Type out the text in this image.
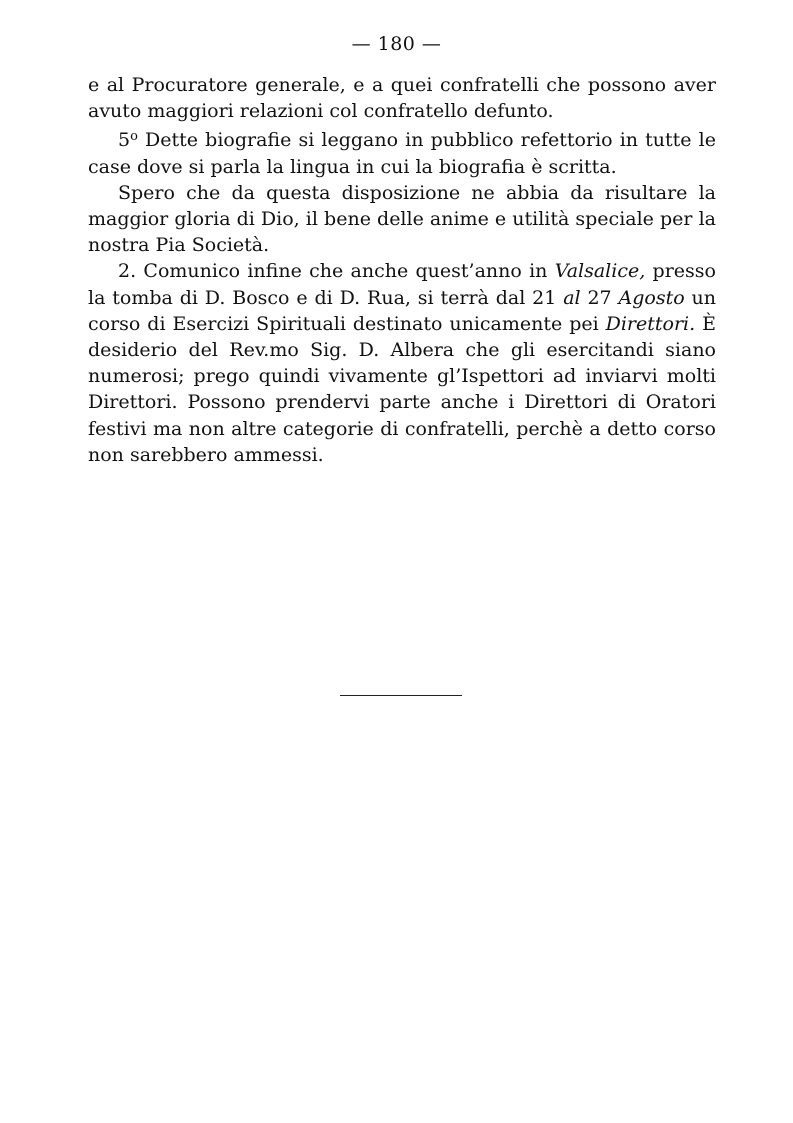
— 180 —

e al Procuratore generale, e a quei confratelli che possono aver avuto maggiori relazioni col confratello defunto.

5$^o$ Dette biografie si leggano in pubblico refettorio in tutte le case dove si parla la lingua in cui la biografia è scritta.

Spero che da questa disposizione ne abbia da risultare la maggior gloria di Dio, il bene delle anime e utilità speciale per la nostra Pia Società.

2. Comunico infine che anche quest’anno in Valsalice, presso la tomba di D. Bosco e di D. Rua, si terrà dal 21 al 27 Agosto un corso di Esercizi Spirituali destinato unicamente pei Direttori. È desiderio del Rev.mo Sig. D. Albera che gli esercitandi siano numerosi; prego quindi vivamente gl’Ispettori ad inviarvi molti Direttori. Possono prendervi parte anche i Direttori di Oratori festivi ma non altre categorie di confratelli, perchè a detto corso non sarebbero ammessi.
